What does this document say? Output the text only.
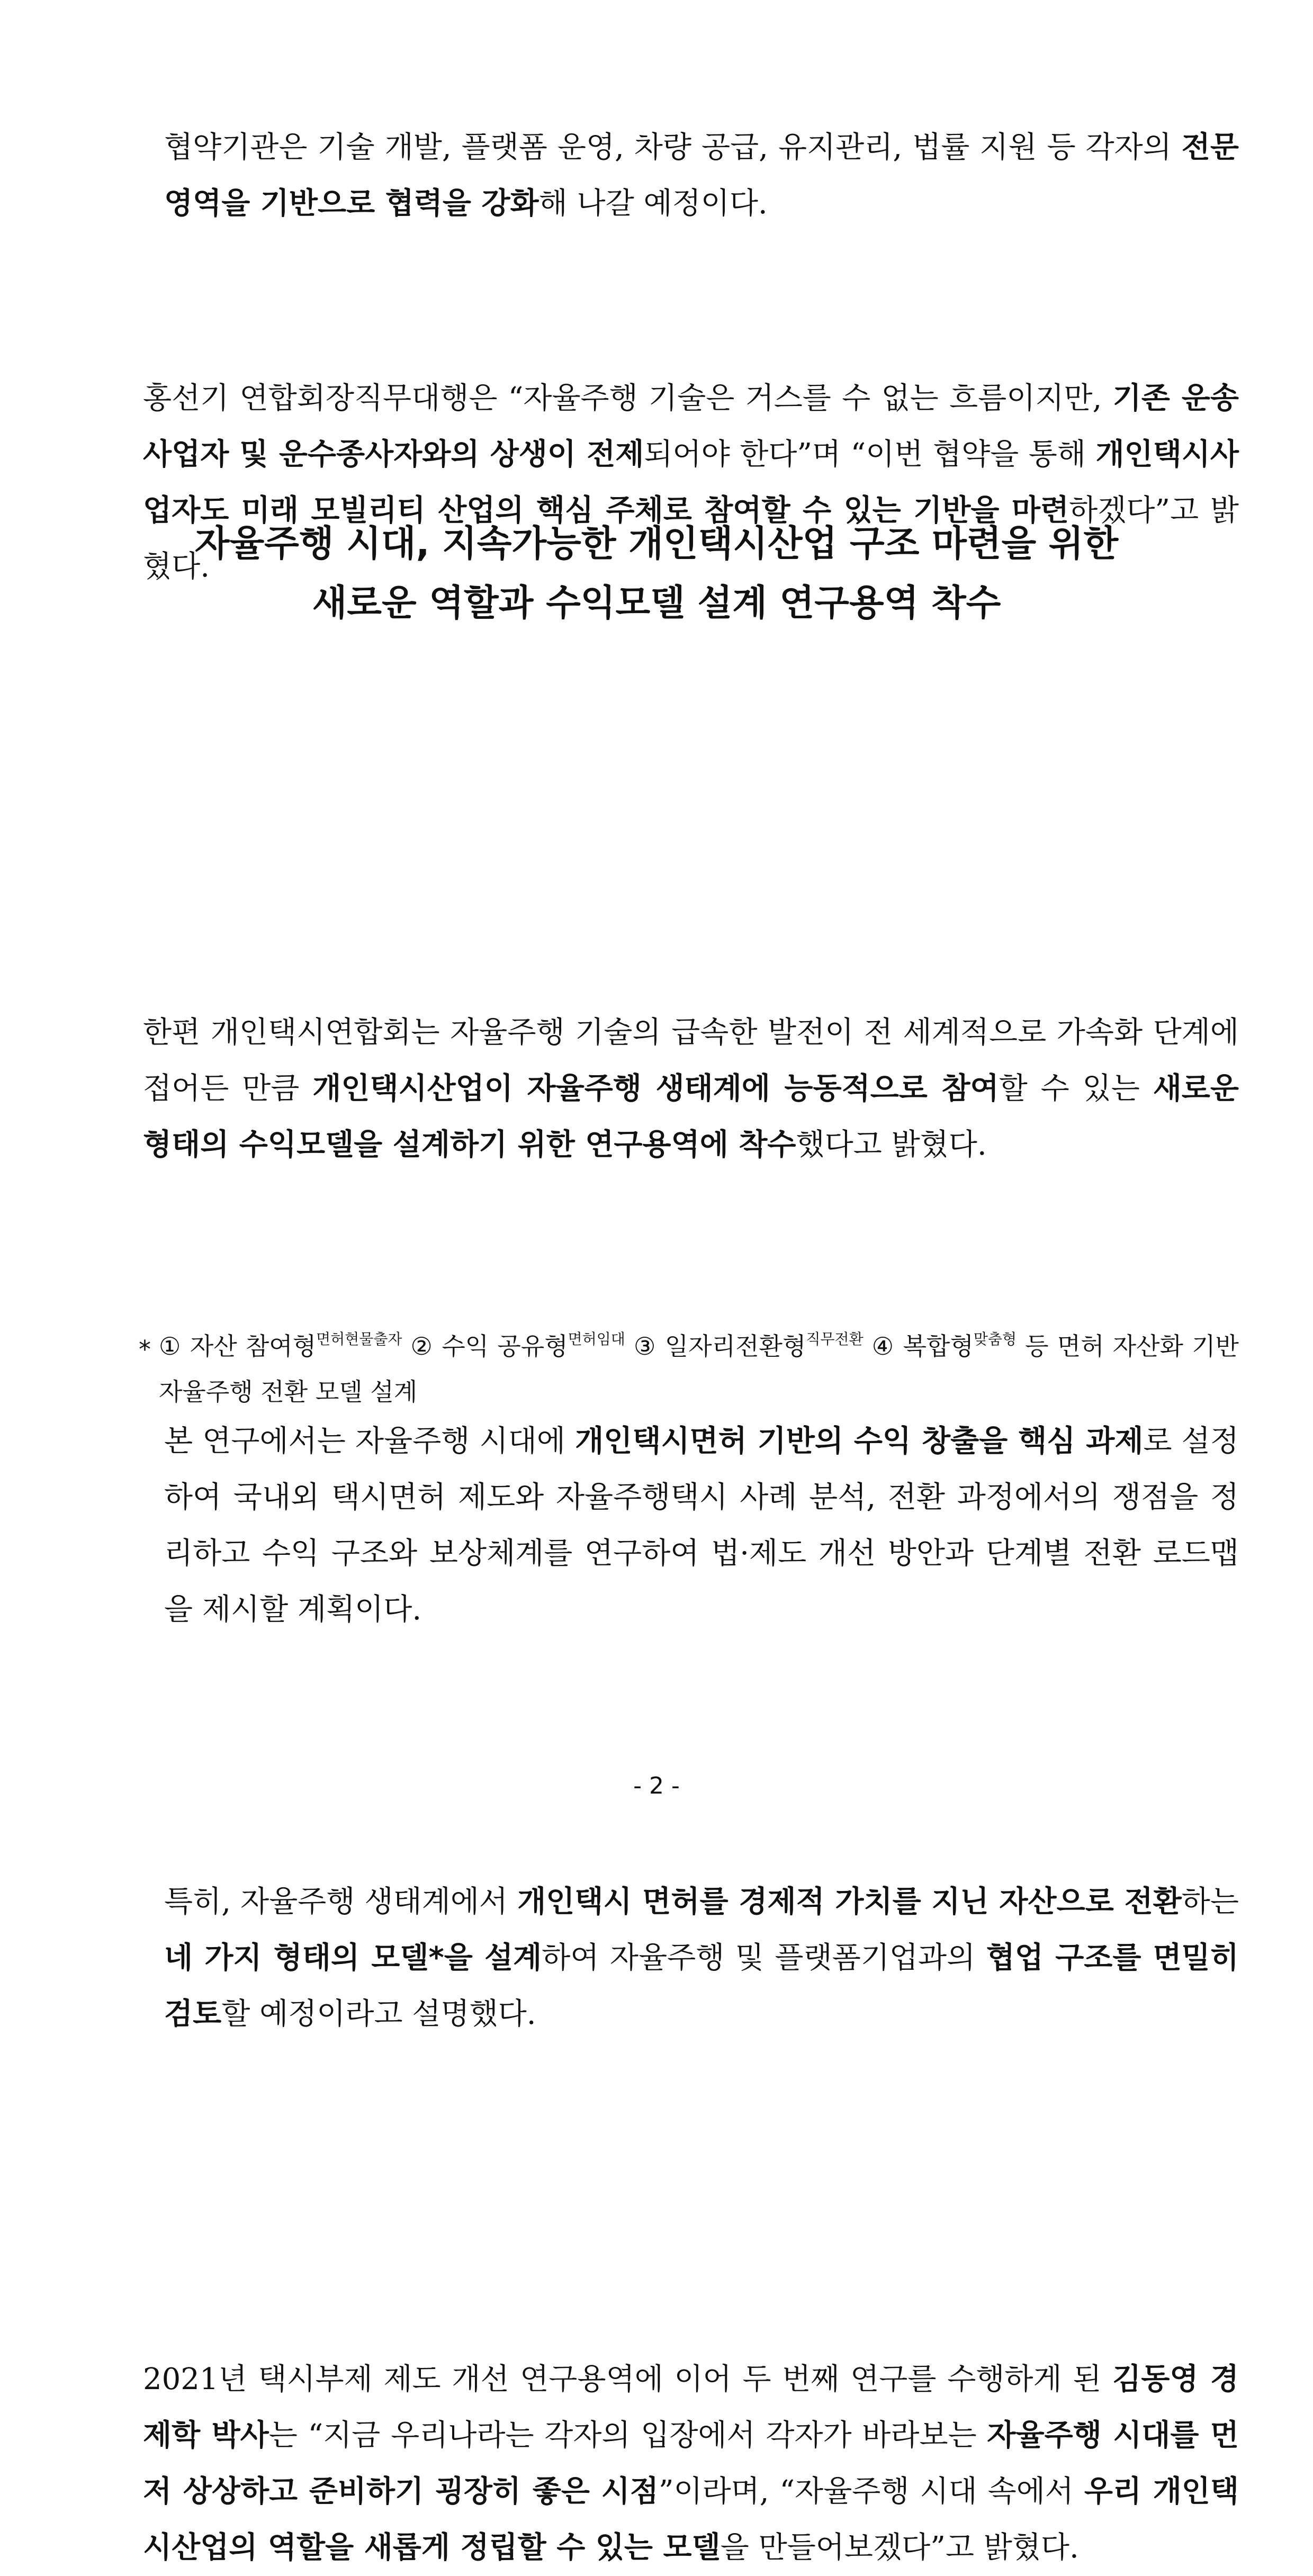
협약기관은 기술 개발, 플랫폼 운영, 차량 공급, 유지관리, 법률 지원 등 각자의 전문 영역을 기반으로 협력을 강화해 나갈 예정이다.
홍선기 연합회장직무대행은 “자율주행 기술은 거스를 수 없는 흐름이지만, 기존 운송사업자 및 운수종사자와의 상생이 전제되어야 한다”며 “이번 협약을 통해 개인택시사업자도 미래 모빌리티 산업의 핵심 주체로 참여할 수 있는 기반을 마련하겠다”고 밝혔다.
자율주행 시대, 지속가능한 개인택시산업 구조 마련을 위한
새로운 역할과 수익모델 설계 연구용역 착수
한편 개인택시연합회는 자율주행 기술의 급속한 발전이 전 세계적으로 가속화 단계에 접어든 만큼 개인택시산업이 자율주행 생태계에 능동적으로 참여할 수 있는 새로운 형태의 수익모델을 설계하기 위한 연구용역에 착수했다고 밝혔다.
본 연구에서는 자율주행 시대에 개인택시면허 기반의 수익 창출을 핵심 과제로 설정하여 국내외 택시면허 제도와 자율주행택시 사례 분석, 전환 과정에서의 쟁점을 정리하고 수익 구조와 보상체계를 연구하여 법·제도 개선 방안과 단계별 전환 로드맵을 제시할 계획이다.
특히, 자율주행 생태계에서 개인택시 면허를 경제적 가치를 지닌 자산으로 전환하는 네 가지 형태의 모델*을 설계하여 자율주행 및 플랫폼기업과의 협업 구조를 면밀히 검토할 예정이라고 설명했다.
* ① 자산 참여형$^{면허현물출자}$ ② 수익 공유형$^{면허임대}$ ③ 일자리전환형$^{직무전환}$ ④ 복합형$^{맞춤형}$ 등 면허 자산화 기반 자율주행 전환 모델 설계
2021년 택시부제 제도 개선 연구용역에 이어 두 번째 연구를 수행하게 된 김동영 경제학 박사는 “지금 우리나라는 각자의 입장에서 각자가 바라보는 자율주행 시대를 먼저 상상하고 준비하기 굉장히 좋은 시점”이라며, “자율주행 시대 속에서 우리 개인택시산업의 역할을 새롭게 정립할 수 있는 모델을 만들어보겠다”고 밝혔다.
- 2 -
